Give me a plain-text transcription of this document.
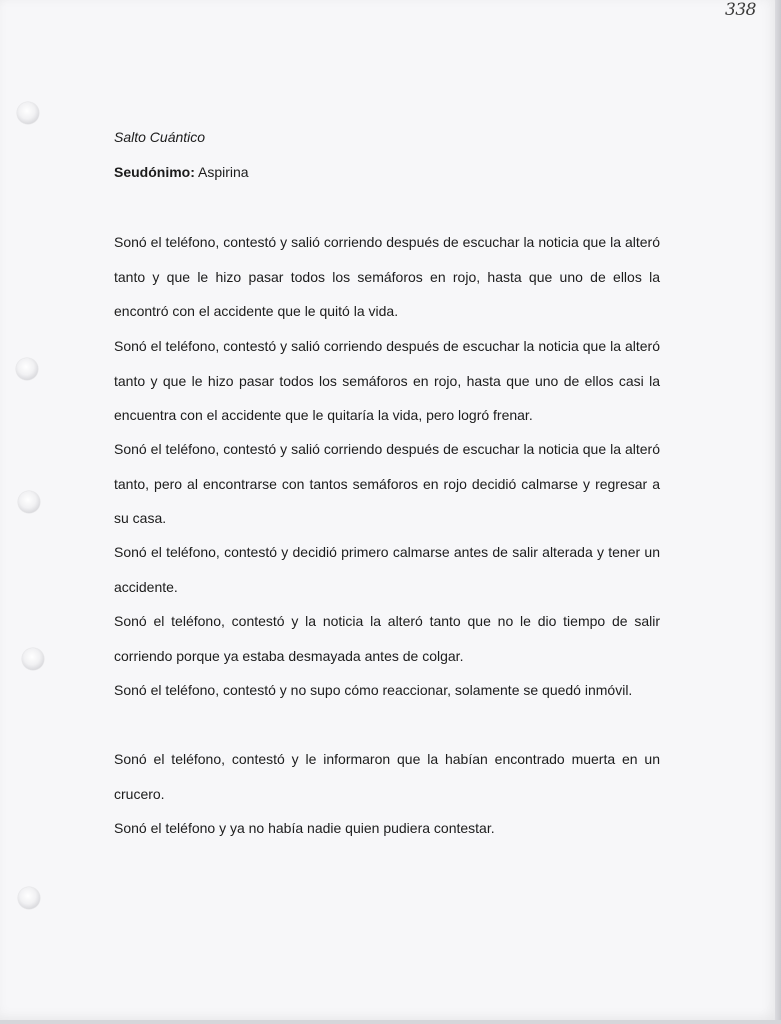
338
Salto Cuántico
Seudónimo: Aspirina
Sonó el teléfono, contestó y salió corriendo después de escuchar la noticia que la alteró tanto y que le hizo pasar todos los semáforos en rojo, hasta que uno de ellos la encontró con el accidente que le quitó la vida.
Sonó el teléfono, contestó y salió corriendo después de escuchar la noticia que la alteró tanto y que le hizo pasar todos los semáforos en rojo, hasta que uno de ellos casi la encuentra con el accidente que le quitaría la vida, pero logró frenar.
Sonó el teléfono, contestó y salió corriendo después de escuchar la noticia que la alteró tanto, pero al encontrarse con tantos semáforos en rojo decidió calmarse y regresar a su casa.
Sonó el teléfono, contestó y decidió primero calmarse antes de salir alterada y tener un accidente.
Sonó el teléfono, contestó y la noticia la alteró tanto que no le dio tiempo de salir corriendo porque ya estaba desmayada antes de colgar.
Sonó el teléfono, contestó y no supo cómo reaccionar, solamente se quedó inmóvil.
Sonó el teléfono, contestó y le informaron que la habían encontrado muerta en un crucero.
Sonó el teléfono y ya no había nadie quien pudiera contestar.
